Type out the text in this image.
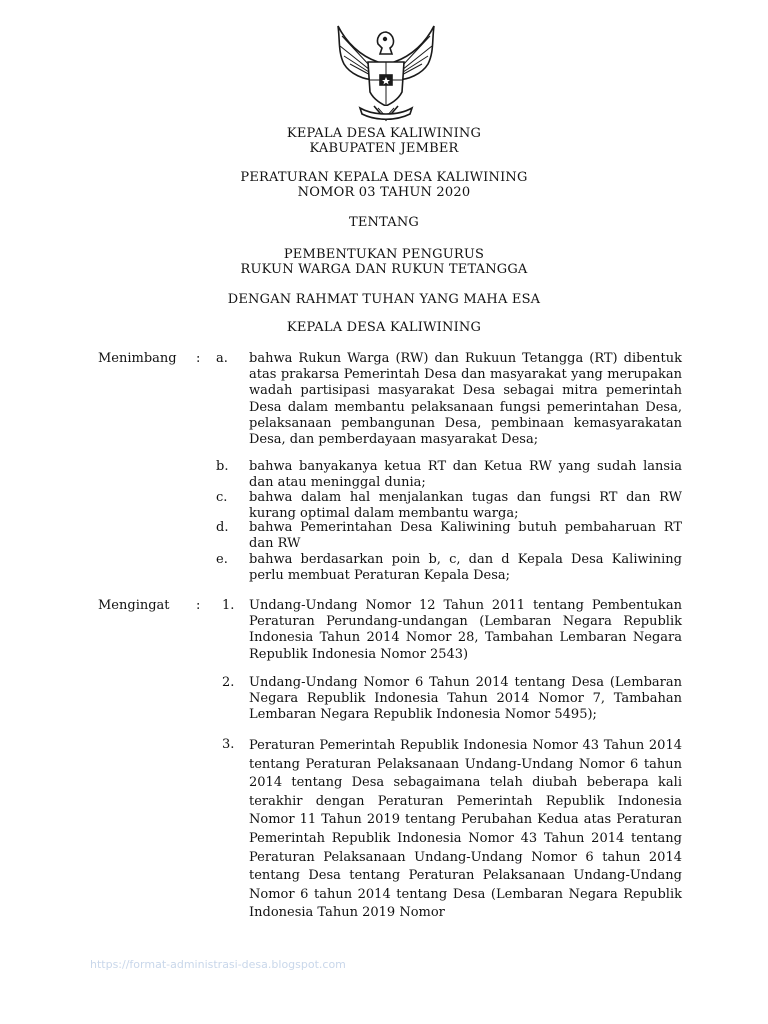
KEPALA DESA KALIWINING
KABUPATEN JEMBER
PERATURAN KEPALA DESA KALIWINING
NOMOR 03 TAHUN 2020
TENTANG
PEMBENTUKAN PENGURUS
RUKUN WARGA DAN RUKUN TETANGGA
DENGAN RAHMAT TUHAN YANG MAHA ESA
KEPALA DESA KALIWINING
Menimbang : a. bahwa Rukun Warga (RW) dan Rukuun Tetangga (RT) dibentuk atas prakarsa Pemerintah Desa dan masyarakat yang merupakan wadah partisipasi masyarakat Desa sebagai mitra pemerintah Desa dalam membantu pelaksanaan fungsi pemerintahan Desa, pelaksanaan pembangunan Desa, pembinaan kemasyarakatan Desa, dan pemberdayaan masyarakat Desa;
b. bahwa banyakanya ketua RT dan Ketua RW yang sudah lansia dan atau meninggal dunia;
c. bahwa dalam hal menjalankan tugas dan fungsi RT dan RW kurang optimal dalam membantu warga;
d. bahwa Pemerintahan Desa Kaliwining butuh pembaharuan RT dan RW
e. bahwa berdasarkan poin b, c, dan d Kepala Desa Kaliwining perlu membuat Peraturan Kepala Desa;
Mengingat : 1. Undang-Undang Nomor 12 Tahun 2011 tentang Pembentukan Peraturan Perundang-undangan (Lembaran Negara Republik Indonesia Tahun 2014 Nomor 28, Tambahan Lembaran Negara Republik Indonesia Nomor 2543)
2. Undang-Undang Nomor 6 Tahun 2014 tentang Desa (Lembaran Negara Republik Indonesia Tahun 2014 Nomor 7, Tambahan Lembaran Negara Republik Indonesia Nomor 5495);
3. Peraturan Pemerintah Republik Indonesia Nomor 43 Tahun 2014 tentang Peraturan Pelaksanaan Undang-Undang Nomor 6 tahun 2014 tentang Desa sebagaimana telah diubah beberapa kali terakhir dengan Peraturan Pemerintah Republik Indonesia Nomor 11 Tahun 2019 tentang Perubahan Kedua atas Peraturan Pemerintah Republik Indonesia Nomor 43 Tahun 2014 tentang Peraturan Pelaksanaan Undang-Undang Nomor 6 tahun 2014 tentang Desa tentang Peraturan Pelaksanaan Undang-Undang Nomor 6 tahun 2014 tentang Desa (Lembaran Negara Republik Indonesia Tahun 2019 Nomor
https://format-administrasi-desa.blogspot.com
